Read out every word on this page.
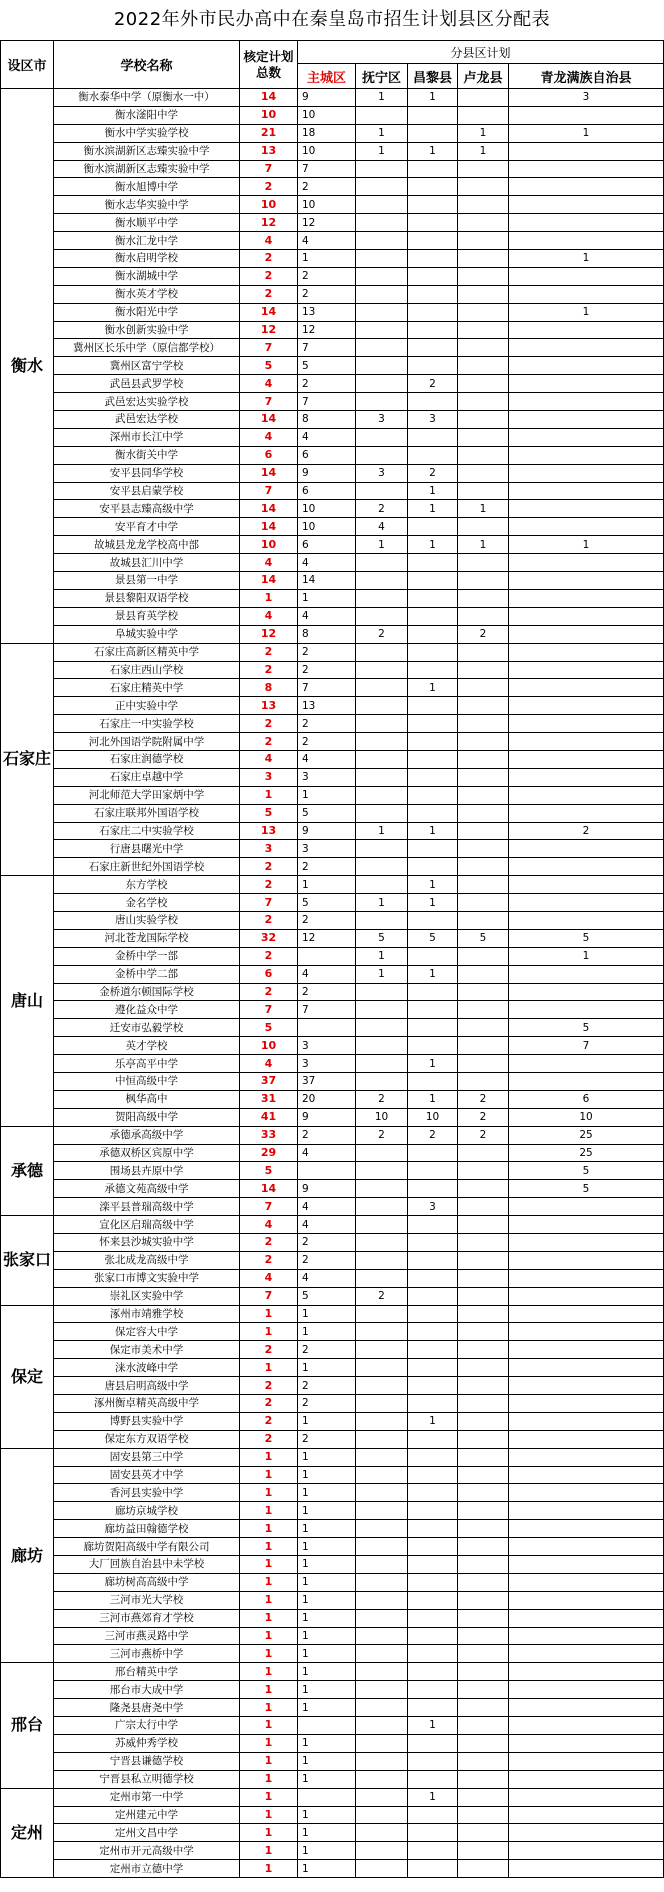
2022年外市民办高中在秦皇岛市招生计划县区分配表
设区市	学校名称	核定计划总数	分县区计划				
			主城区	抚宁区	昌黎县	卢龙县	青龙满族自治县
衡水	衡水泰华中学（原衡水一中）	14	9	1	1		3
	衡水滏阳中学	10	10				
	衡水中学实验学校	21	18	1		1	1
	衡水滨湖新区志臻实验中学	13	10	1	1	1	
	衡水滨湖新区志臻实验中学	7	7				
	衡水旭博中学	2	2				
	衡水志华实验中学	10	10				
	衡水顺平中学	12	12				
	衡水汇龙中学	4	4				
	衡水启明学校	2	1				1
	衡水湖城中学	2	2				
	衡水英才学校	2	2				
	衡水阳光中学	14	13				1
	衡水创新实验中学	12	12				
	冀州区长乐中学（原信都学校）	7	7				
	冀州区富宁学校	5	5				
	武邑县武罗学校	4	2		2		
	武邑宏达实验学校	7	7				
	武邑宏达学校	14	8	3	3		
	深州市长江中学	4	4				
	衡水街关中学	6	6				
	安平县同华学校	14	9	3	2		
	安平县启蒙学校	7	6		1		
	安平县志臻高级中学	14	10	2	1	1	
	安平育才中学	14	10	4			
	故城县龙龙学校高中部	10	6	1	1	1	1
	故城县汇川中学	4	4				
	景县第一中学	14	14				
	景县黎阳双语学校	1	1				
	景县育英学校	4	4				
	阜城实验中学	12	8	2		2	
石家庄	石家庄高新区精英中学	2	2				
	石家庄西山学校	2	2				
	石家庄精英中学	8	7		1		
	正中实验中学	13	13				
	石家庄一中实验学校	2	2				
	河北外国语学院附属中学	2	2				
	石家庄润德学校	4	4				
	石家庄卓越中学	3	3				
	河北师范大学田家炳中学	1	1				
	石家庄联邦外国语学校	5	5				
	石家庄二中实验学校	13	9	1	1		2
	行唐县曙光中学	3	3				
	石家庄新世纪外国语学校	2	2				
唐山	东方学校	2	1		1		
	金名学校	7	5	1	1		
	唐山实验学校	2	2				
	河北苍龙国际学校	32	12	5	5	5	5
	金桥中学一部	2		1			1
	金桥中学二部	6	4	1	1		
	金桥道尔顿国际学校	2	2				
	遵化益众中学	7	7				
	迁安市弘毅学校	5					5
	英才学校	10	3				7
	乐亭高平中学	4	3		1		
	中恒高级中学	37	37				
	枫华高中	31	20	2	1	2	6
	贺阳高级中学	41	9	10	10	2	10
承德	承德承高级中学	33	2	2	2	2	25
	承德双桥区宾原中学	29	4				25
	围场县卉原中学	5					5
	承德文苑高级中学	14	9				5
	滦平县普瑞高级中学	7	4		3		
张家口	宣化区启瑞高级中学	4	4				
	怀来县沙城实验中学	2	2				
	张北成龙高级中学	2	2				
	张家口市博文实验中学	4	4				
	崇礼区实验中学	7	5	2			
保定	涿州市靖雅学校	1	1				
	保定容大中学	1	1				
	保定市美术中学	2	2				
	涞水波峰中学	1	1				
	唐县启明高级中学	2	2				
	涿州衡卓精英高级中学	2	2				
	博野县实验中学	2	1		1		
	保定东方双语学校	2	2				
廊坊	固安县第三中学	1	1				
	固安县英才中学	1	1				
	香河县实验中学	1	1				
	廊坊京城学校	1	1				
	廊坊益田翰德学校	1	1				
	廊坊贺阳高级中学有限公司	1	1				
	大厂回族自治县中未学校	1	1				
	廊坊树高高级中学	1	1				
	三河市光大学校	1	1				
	三河市燕郊育才学校	1	1				
	三河市燕灵路中学	1	1				
	三河市燕桥中学	1	1				
邢台	邢台精英中学	1	1				
	邢台市大成中学	1	1				
	隆尧县唐尧中学	1	1				
	广宗太行中学	1			1		
	苏威仲秀学校	1	1				
	宁晋县谦德学校	1	1				
	宁晋县私立明德学校	1	1				
定州	定州市第一中学	1			1		
	定州建元中学	1	1				
	定州文昌中学	1	1				
	定州市开元高级中学	1	1				
	定州市立德中学	1	1				
